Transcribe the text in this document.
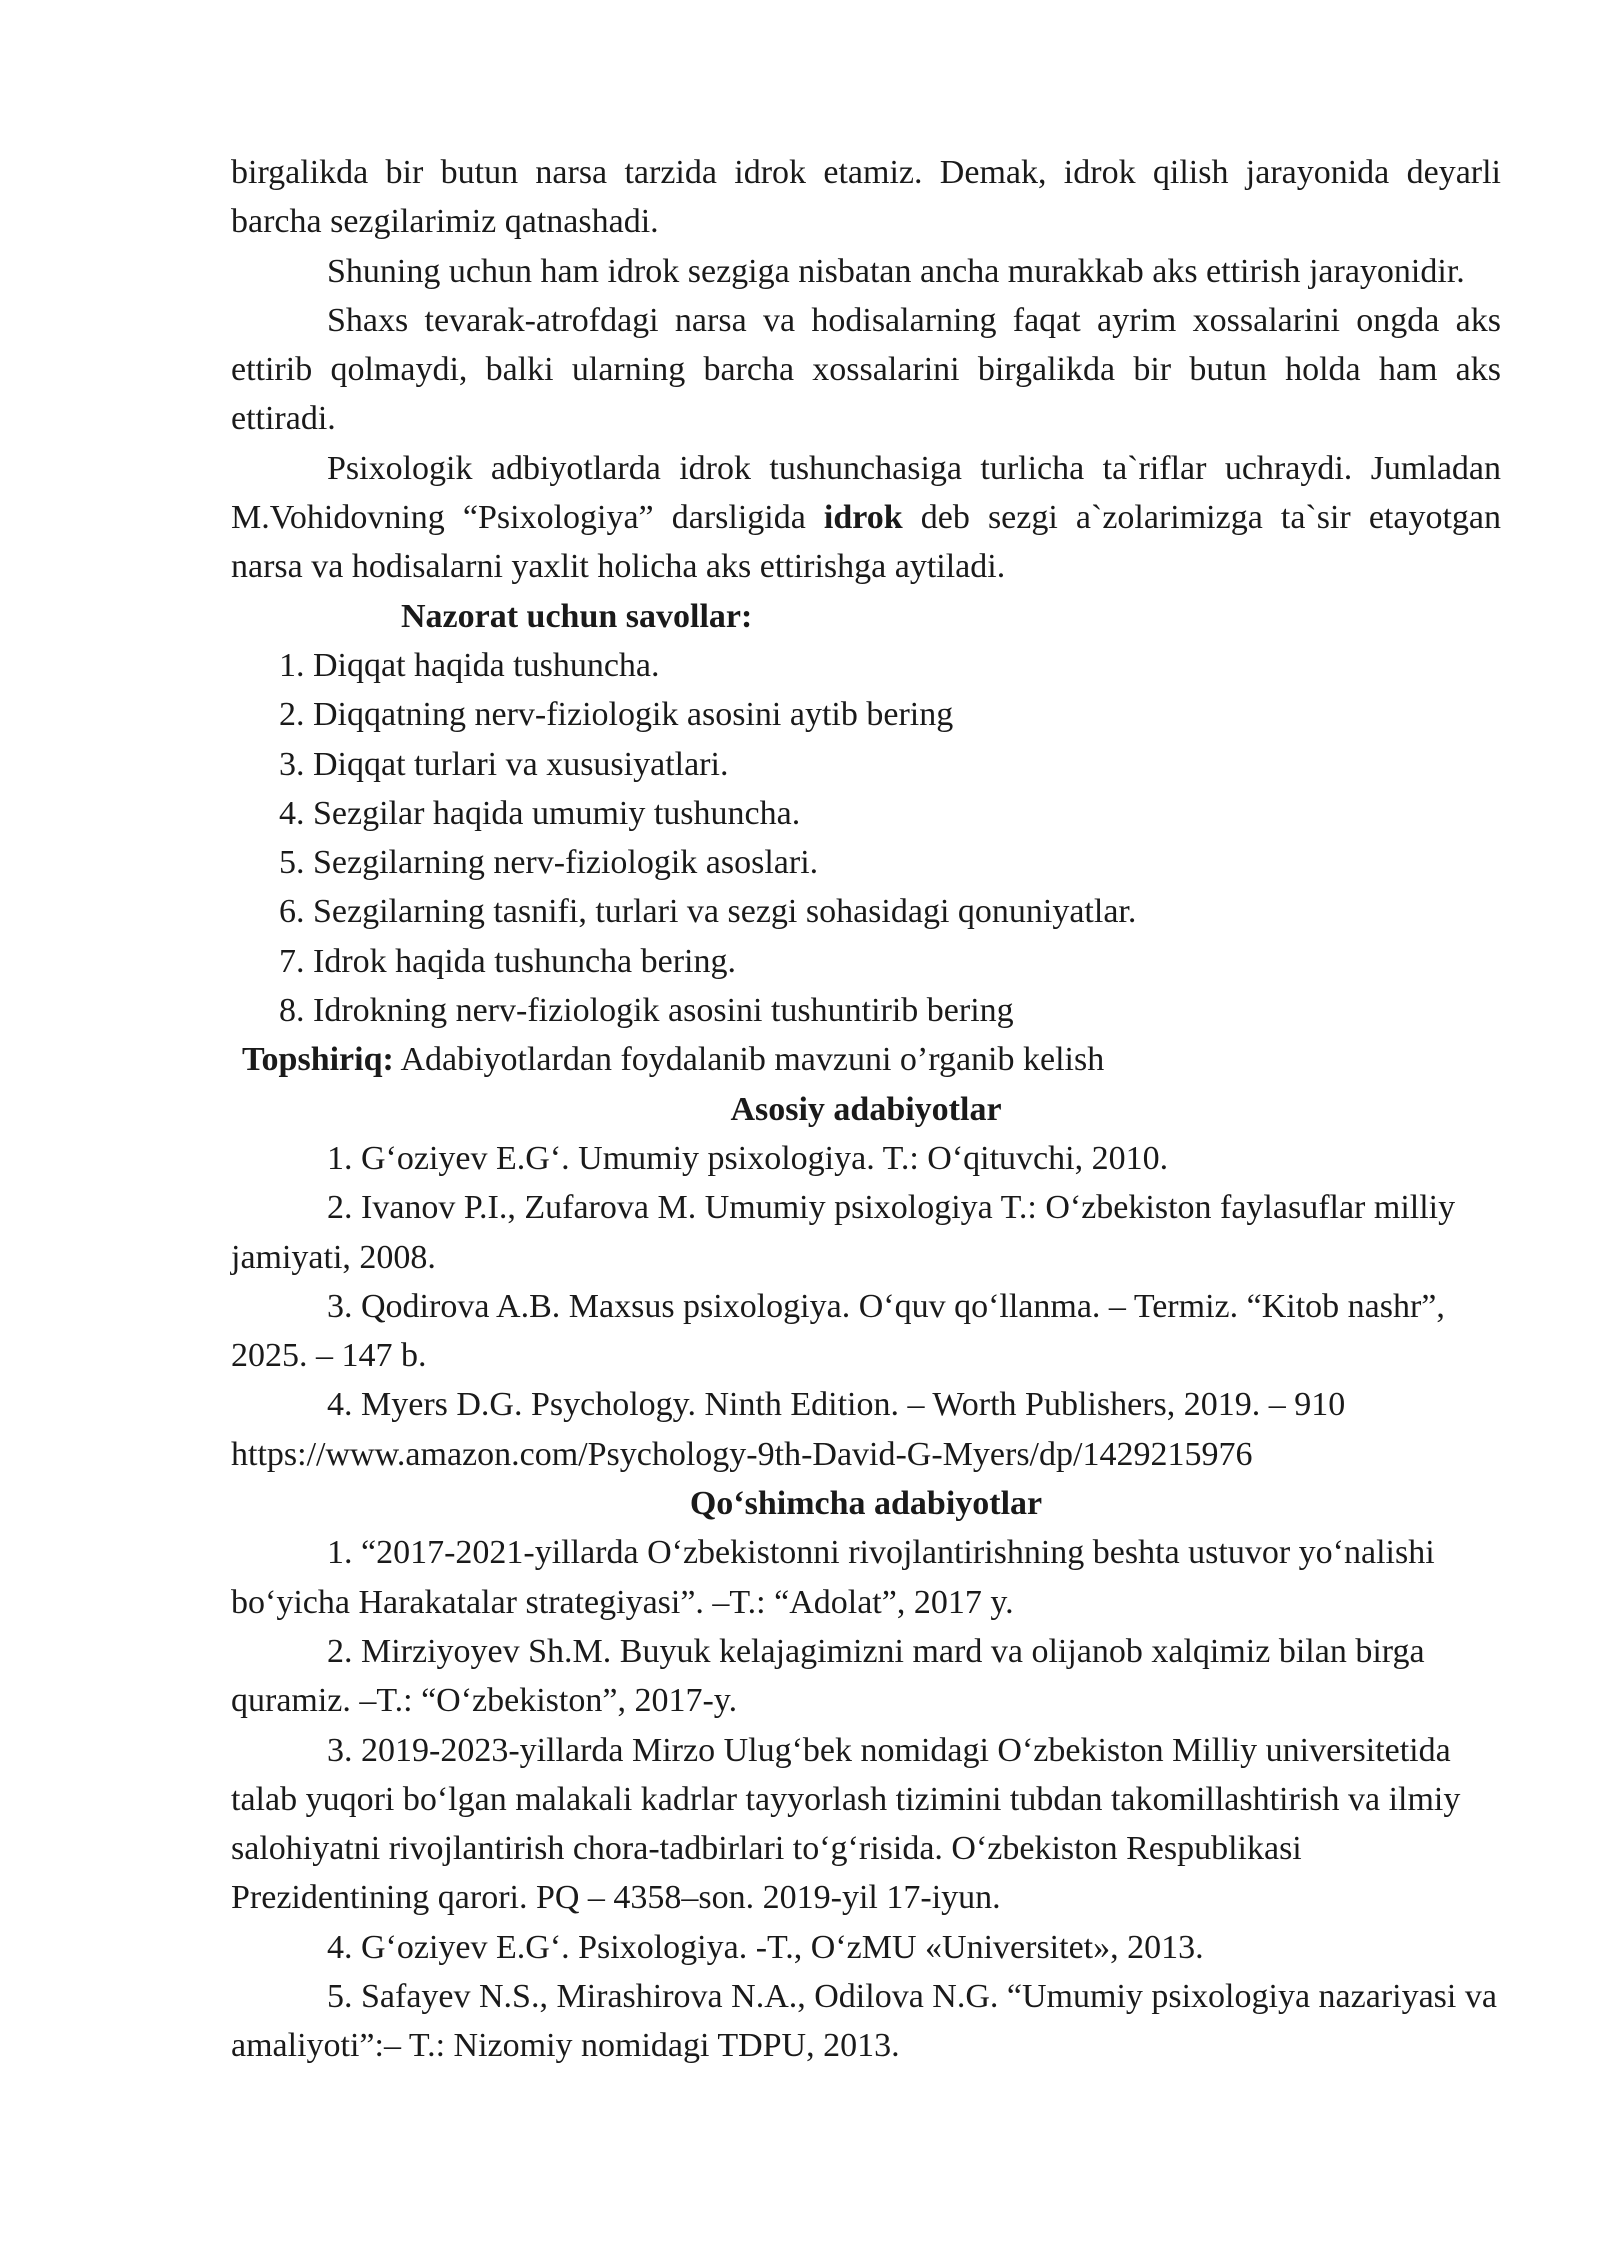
birgalikda bir butun narsa tarzida idrok etamiz. Demak, idrok qilish jarayonida deyarli barcha sezgilarimiz qatnashadi.

Shuning uchun ham idrok sezgiga nisbatan ancha murakkab aks ettirish jarayonidir.

Shaxs tevarak-atrofdagi narsa va hodisalarning faqat ayrim xossalarini ongda aks ettirib qolmaydi, balki ularning barcha xossalarini birgalikda bir butun holda ham aks ettiradi.

Psixologik adbiyotlarda idrok tushunchasiga turlicha ta`riflar uchraydi. Jumladan M.Vohidovning “Psixologiya” darsligida idrok deb sezgi a`zolarimizga ta`sir etayotgan narsa va hodisalarni yaxlit holicha aks ettirishga aytiladi.

Nazorat uchun savollar:

1. Diqqat haqida tushuncha.

2. Diqqatning nerv-fiziologik asosini aytib bering

3. Diqqat turlari va xususiyatlari.

4. Sezgilar haqida umumiy tushuncha.

5. Sezgilarning nerv-fiziologik asoslari.

6. Sezgilarning tasnifi, turlari va sezgi sohasidagi qonuniyatlar.

7. Idrok haqida tushuncha bering.

8. Idrokning nerv-fiziologik asosini tushuntirib bering

Topshiriq: Adabiyotlardan foydalanib mavzuni o’rganib kelish

Asosiy adabiyotlar

1. G‘oziyev E.G‘. Umumiy psixologiya. T.: O‘qituvchi, 2010.

2. Ivanov P.I., Zufarova M. Umumiy psixologiya T.: O‘zbekiston faylasuflar milliy jamiyati, 2008.

3. Qodirova A.B. Maxsus psixologiya. O‘quv qo‘llanma. – Termiz. “Kitob nashr”, 2025. – 147 b.

4. Myers D.G. Psychology. Ninth Edition. – Worth Publishers, 2019. – 910 https://www.amazon.com/Psychology-9th-David-G-Myers/dp/1429215976

Qo‘shimcha adabiyotlar

1. “2017-2021-yillarda O‘zbekistonni rivojlantirishning beshta ustuvor yo‘nalishi bo‘yicha Harakatalar strategiyasi”. –T.: “Adolat”, 2017 y.

2. Mirziyoyev Sh.M. Buyuk kelajagimizni mard va olijanob xalqimiz bilan birga quramiz. –T.: “O‘zbekiston”, 2017-y.

3. 2019-2023-yillarda Mirzo Ulug‘bek nomidagi O‘zbekiston Milliy universitetida talab yuqori bo‘lgan malakali kadrlar tayyorlash tizimini tubdan takomillashtirish va ilmiy salohiyatni rivojlantirish chora-tadbirlari to‘g‘risida. O‘zbekiston Respublikasi Prezidentining qarori. PQ – 4358–son. 2019-yil 17-iyun.

4. G‘oziyev E.G‘. Psixologiya. -T., O‘zMU «Universitet», 2013.

5. Safayev N.S., Mirashirova N.A., Odilova N.G. “Umumiy psixologiya nazariyasi va amaliyoti”:– T.: Nizomiy nomidagi TDPU, 2013.
